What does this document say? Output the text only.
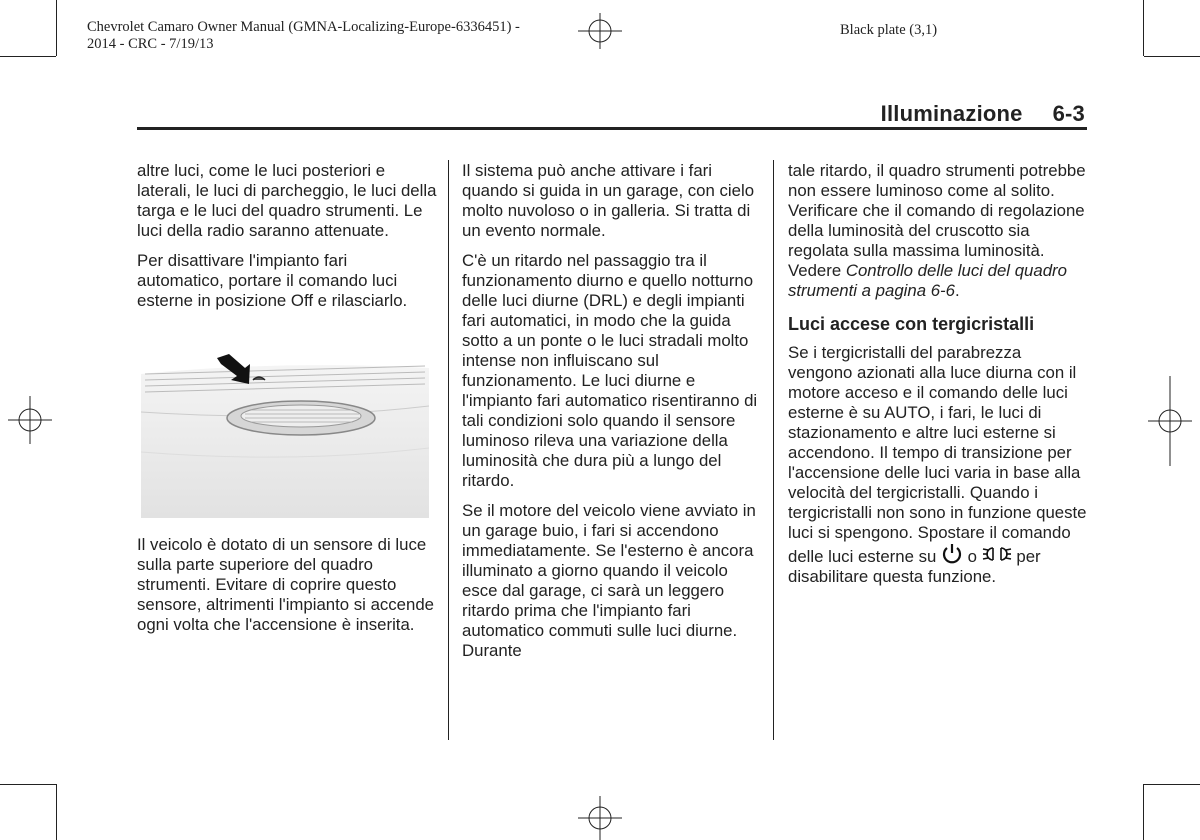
Chevrolet Camaro Owner Manual (GMNA-Localizing-Europe-6336451) -
2014 - CRC - 7/19/13
Black plate (3,1)
Illuminazione 6-3

altre luci, come le luci posteriori e laterali, le luci di parcheggio, le luci della targa e le luci del quadro strumenti. Le luci della radio saranno attenuate.

Per disattivare l'impianto fari automatico, portare il comando luci esterne in posizione Off e rilasciarlo.

Il veicolo è dotato di un sensore di luce sulla parte superiore del quadro strumenti. Evitare di coprire questo sensore, altrimenti l'impianto si accende ogni volta che l'accensione è inserita.

Il sistema può anche attivare i fari quando si guida in un garage, con cielo molto nuvoloso o in galleria. Si tratta di un evento normale.

C'è un ritardo nel passaggio tra il funzionamento diurno e quello notturno delle luci diurne (DRL) e degli impianti fari automatici, in modo che la guida sotto a un ponte o le luci stradali molto intense non influiscano sul funzionamento. Le luci diurne e l'impianto fari automatico risentiranno di tali condizioni solo quando il sensore luminoso rileva una variazione della luminosità che dura più a lungo del ritardo.

Se il motore del veicolo viene avviato in un garage buio, i fari si accendono immediatamente. Se l'esterno è ancora illuminato a giorno quando il veicolo esce dal garage, ci sarà un leggero ritardo prima che l'impianto fari automatico commuti sulle luci diurne. Durante

tale ritardo, il quadro strumenti potrebbe non essere luminoso come al solito. Verificare che il comando di regolazione della luminosità del cruscotto sia regolata sulla massima luminosità. Vedere Controllo delle luci del quadro strumenti a pagina 6-6.

Luci accese con tergicristalli

Se i tergicristalli del parabrezza vengono azionati alla luce diurna con il motore acceso e il comando delle luci esterne è su AUTO, i fari, le luci di stazionamento e altre luci esterne si accendono. Il tempo di transizione per l'accensione delle luci varia in base alla velocità del tergicristalli. Quando i tergicristalli non sono in funzione queste luci si spengono. Spostare il comando delle luci esterne su o per disabilitare questa funzione.
